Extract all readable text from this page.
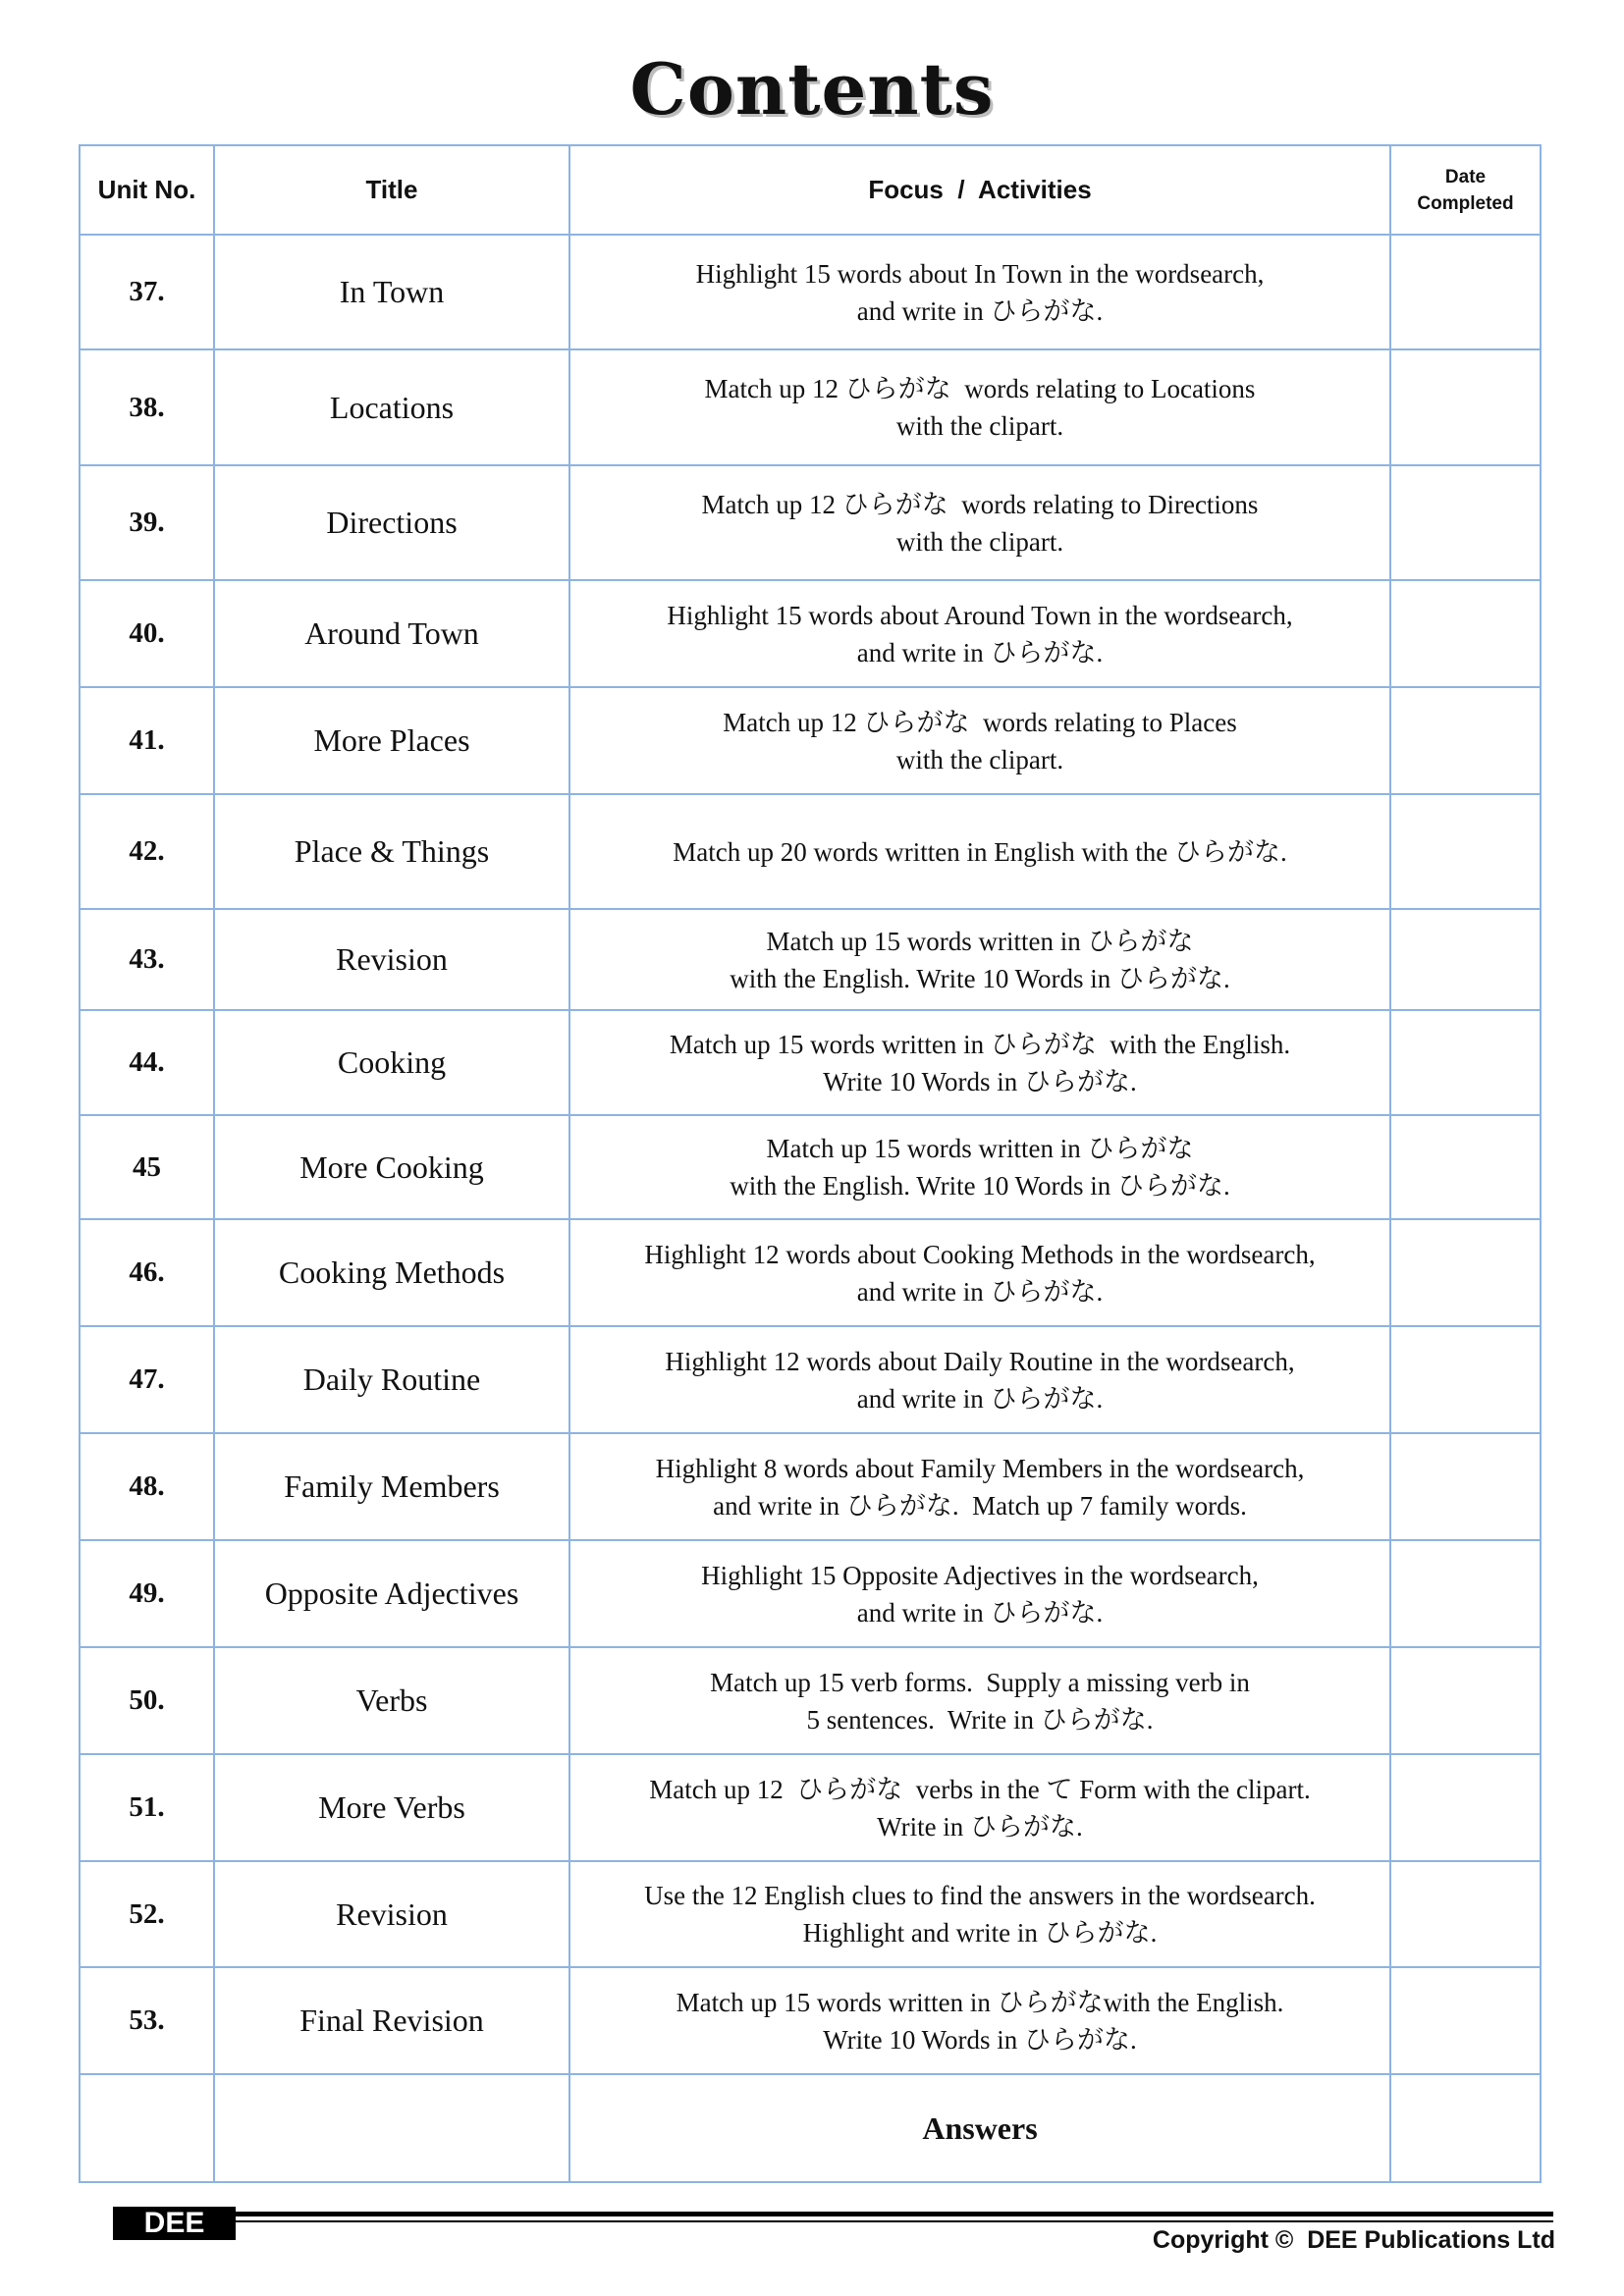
Contents
Unit No.	Title	Focus  /  Activities	Date
Completed

37.	In Town	Highlight 15 words about In Town in the wordsearch,
and write in ひらがな.	

38.	Locations	Match up 12 ひらがな  words relating to Locations
with the clipart.	

39.	Directions	Match up 12 ひらがな  words relating to Directions
with the clipart.	

40.	Around Town	Highlight 15 words about Around Town in the wordsearch,
and write in ひらがな.	

41.	More Places	Match up 12 ひらがな  words relating to Places
with the clipart.	

42.	Place & Things	Match up 20 words written in English with the ひらがな.	

43.	Revision	Match up 15 words written in ひらがな
with the English. Write 10 Words in ひらがな.	

44.	Cooking	Match up 15 words written in ひらがな  with the English.
Write 10 Words in ひらがな.	

45	More Cooking	Match up 15 words written in ひらがな
with the English. Write 10 Words in ひらがな.	

46.	Cooking Methods	Highlight 12 words about Cooking Methods in the wordsearch,
and write in ひらがな.	

47.	Daily Routine	Highlight 12 words about Daily Routine in the wordsearch,
and write in ひらがな.	

48.	Family Members	Highlight 8 words about Family Members in the wordsearch,
and write in ひらがな.  Match up 7 family words.	

49.	Opposite Adjectives	Highlight 15 Opposite Adjectives in the wordsearch,
and write in ひらがな.	

50.	Verbs	Match up 15 verb forms.  Supply a missing verb in
5 sentences.  Write in ひらがな.	

51.	More Verbs	Match up 12  ひらがな  verbs in the て Form with the clipart.
Write in ひらがな.	

52.	Revision	Use the 12 English clues to find the answers in the wordsearch.
Highlight and write in ひらがな.	

53.	Final Revision	Match up 15 words written in ひらがなwith the English.
Write 10 Words in ひらがな.	

		Answers	
DEE
Copyright ©  DEE Publications Ltd
